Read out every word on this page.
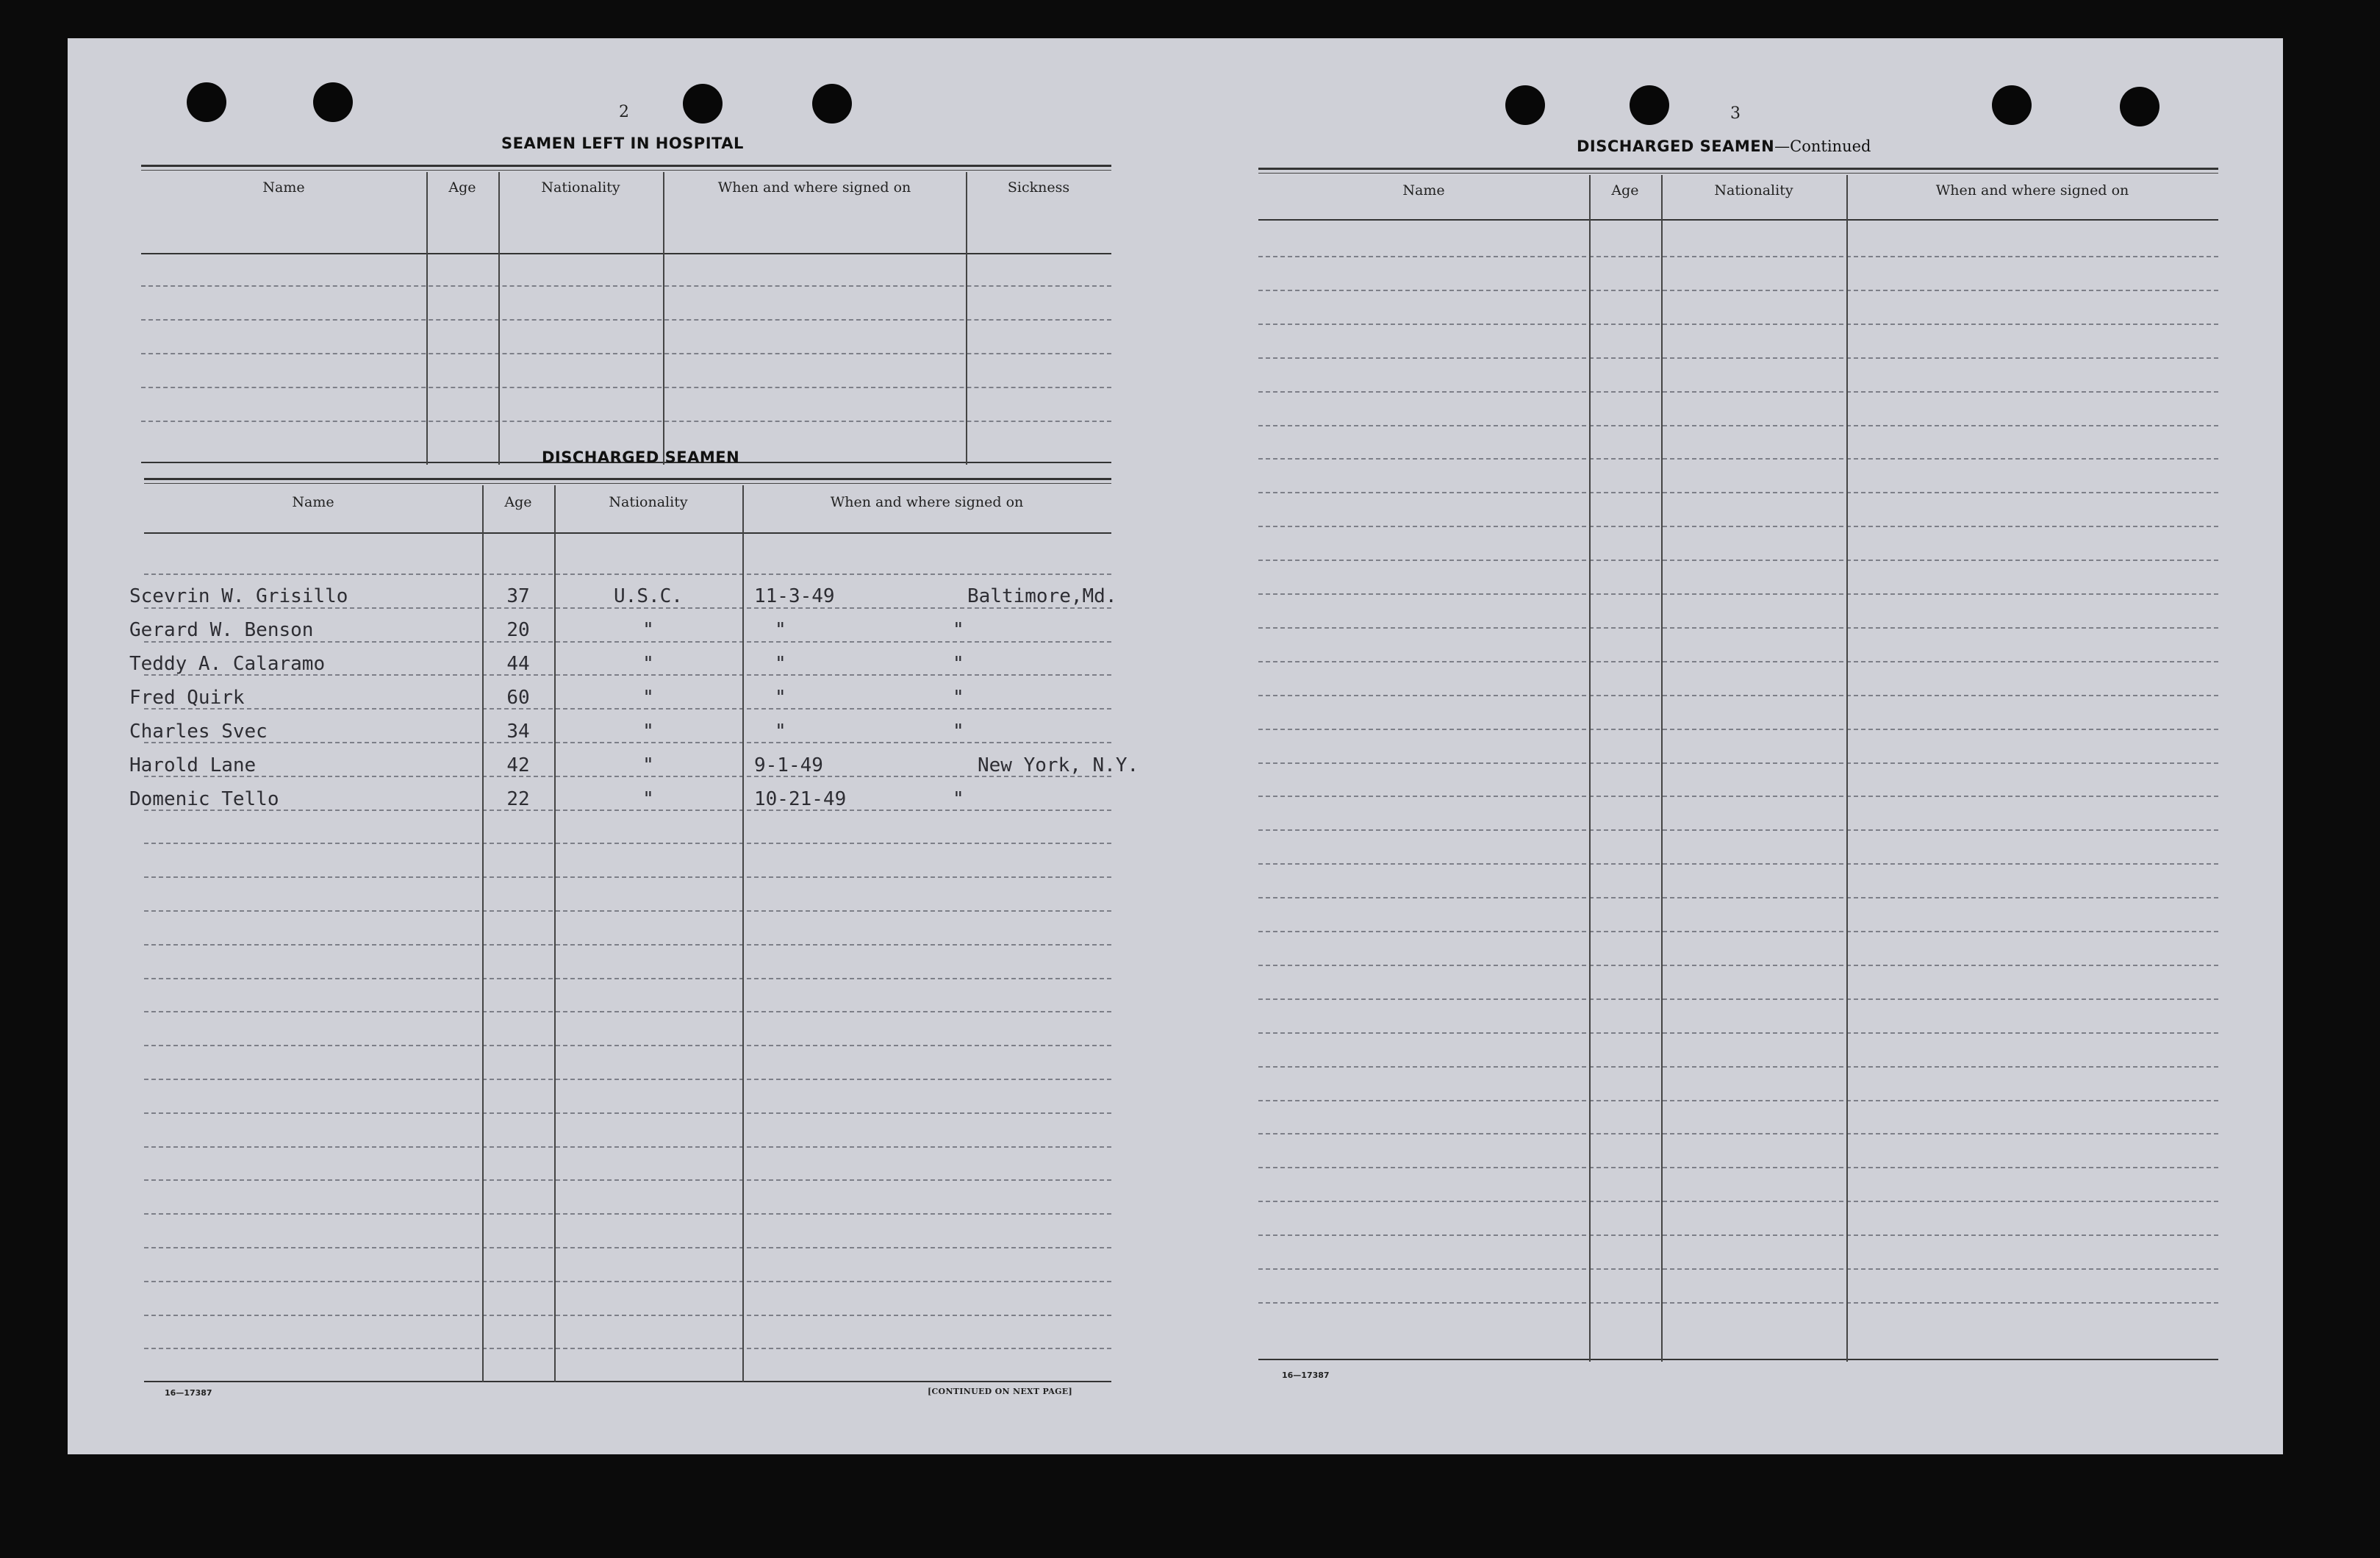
2
SEAMEN LEFT IN HOSPITAL
Name	Age	Nationality	When and where signed on	Sickness
DISCHARGED SEAMEN
Name	Age	Nationality	When and where signed on
Scevrin W. Grisillo	37	U.S.C.	11-3-49	Baltimore,Md.
Gerard W. Benson	20	"	"	"
Teddy A. Calaramo	44	"	"	"
Fred Quirk	60	"	"	"
Charles Svec	34	"	"	"
Harold Lane	42	"	9-1-49	New York, N.Y.
Domenic Tello	22	"	10-21-49	"
16—17387	[CONTINUED ON NEXT PAGE]
3
DISCHARGED SEAMEN—Continued
Name	Age	Nationality	When and where signed on
16—17387
